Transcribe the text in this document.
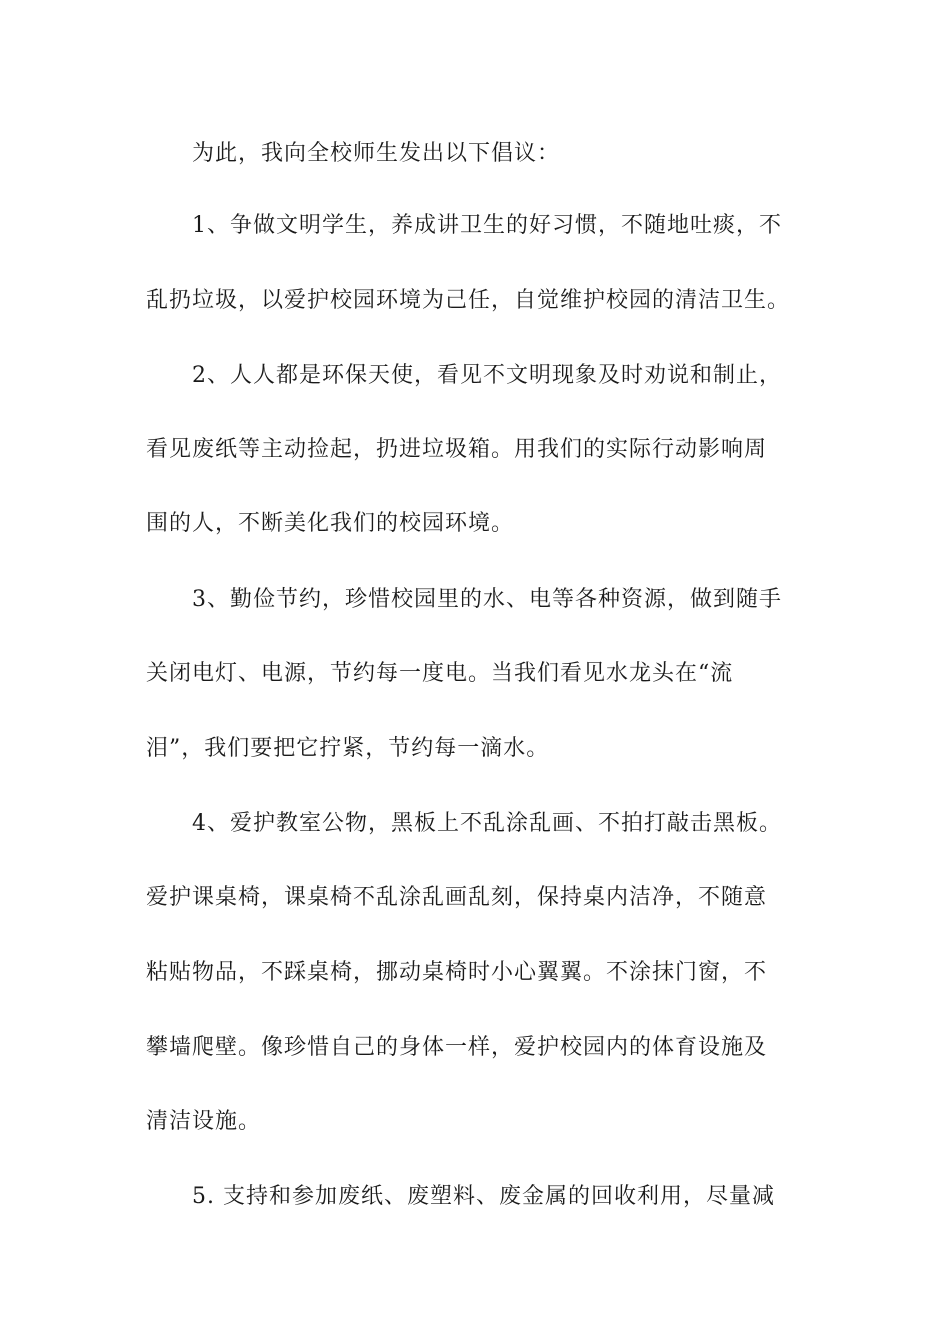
为此，我向全校师生发出以下倡议：
1、争做文明学生，养成讲卫生的好习惯，不随地吐痰，不
乱扔垃圾，以爱护校园环境为己任，自觉维护校园的清洁卫生。
2、人人都是环保天使，看见不文明现象及时劝说和制止，
看见废纸等主动捡起，扔进垃圾箱。用我们的实际行动影响周
围的人，不断美化我们的校园环境。
3、勤俭节约，珍惜校园里的水、电等各种资源，做到随手
关闭电灯、电源，节约每一度电。当我们看见水龙头在“流
泪”，我们要把它拧紧，节约每一滴水。
4、爱护教室公物，黑板上不乱涂乱画、不拍打敲击黑板。
爱护课桌椅，课桌椅不乱涂乱画乱刻，保持桌内洁净，不随意
粘贴物品，不踩桌椅，挪动桌椅时小心翼翼。不涂抹门窗，不
攀墙爬壁。像珍惜自己的身体一样，爱护校园内的体育设施及
清洁设施。
5. 支持和参加废纸、废塑料、废金属的回收利用，尽量减
